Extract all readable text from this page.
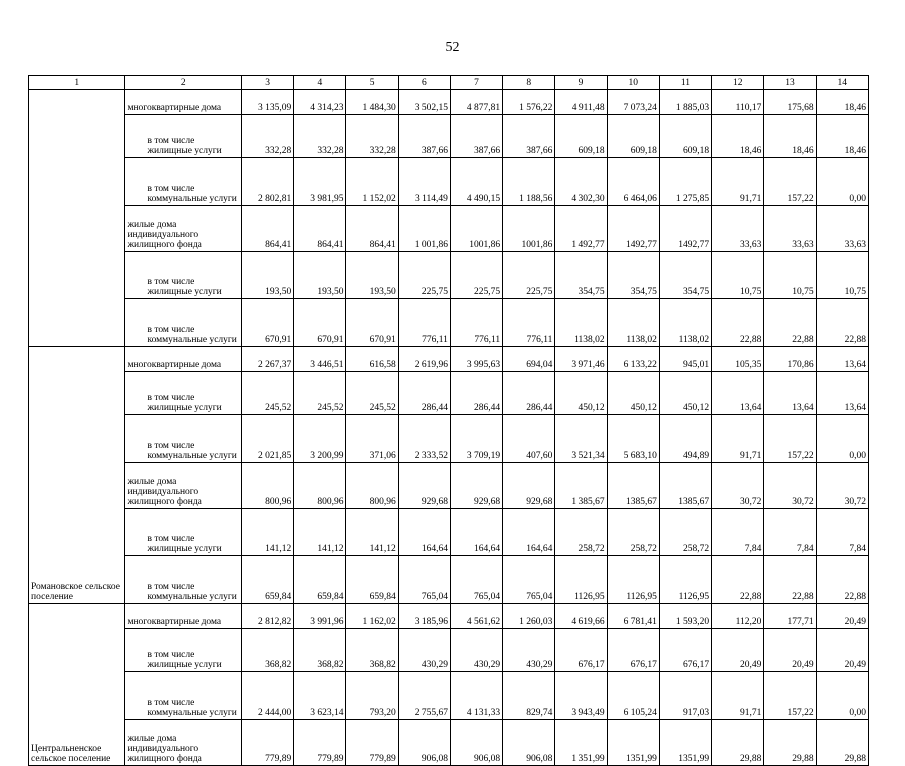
52
1	2	3	4	5	6	7	8	9	10	11	12	13	14
	многоквартирные дома	3 135,09	4 314,23	1 484,30	3 502,15	4 877,81	1 576,22	4 911,48	7 073,24	1 885,03	110,17	175,68	18,46
	в том числе жилищные услуги	332,28	332,28	332,28	387,66	387,66	387,66	609,18	609,18	609,18	18,46	18,46	18,46
	в том числе коммунальные услуги	2 802,81	3 981,95	1 152,02	3 114,49	4 490,15	1 188,56	4 302,30	6 464,06	1 275,85	91,71	157,22	0,00
	жилые дома индивидуального жилищного фонда	864,41	864,41	864,41	1 001,86	1001,86	1001,86	1 492,77	1492,77	1492,77	33,63	33,63	33,63
	в том числе жилищные услуги	193,50	193,50	193,50	225,75	225,75	225,75	354,75	354,75	354,75	10,75	10,75	10,75
	в том числе коммунальные услуги	670,91	670,91	670,91	776,11	776,11	776,11	1138,02	1138,02	1138,02	22,88	22,88	22,88
Романовское сельское поселение	многоквартирные дома	2 267,37	3 446,51	616,58	2 619,96	3 995,63	694,04	3 971,46	6 133,22	945,01	105,35	170,86	13,64
	в том числе жилищные услуги	245,52	245,52	245,52	286,44	286,44	286,44	450,12	450,12	450,12	13,64	13,64	13,64
	в том числе коммунальные услуги	2 021,85	3 200,99	371,06	2 333,52	3 709,19	407,60	3 521,34	5 683,10	494,89	91,71	157,22	0,00
	жилые дома индивидуального жилищного фонда	800,96	800,96	800,96	929,68	929,68	929,68	1 385,67	1385,67	1385,67	30,72	30,72	30,72
	в том числе жилищные услуги	141,12	141,12	141,12	164,64	164,64	164,64	258,72	258,72	258,72	7,84	7,84	7,84
	в том числе коммунальные услуги	659,84	659,84	659,84	765,04	765,04	765,04	1126,95	1126,95	1126,95	22,88	22,88	22,88
Центральненское сельское поселение	многоквартирные дома	2 812,82	3 991,96	1 162,02	3 185,96	4 561,62	1 260,03	4 619,66	6 781,41	1 593,20	112,20	177,71	20,49
	в том числе жилищные услуги	368,82	368,82	368,82	430,29	430,29	430,29	676,17	676,17	676,17	20,49	20,49	20,49
	в том числе коммунальные услуги	2 444,00	3 623,14	793,20	2 755,67	4 131,33	829,74	3 943,49	6 105,24	917,03	91,71	157,22	0,00
	жилые дома индивидуального жилищного фонда	779,89	779,89	779,89	906,08	906,08	906,08	1 351,99	1351,99	1351,99	29,88	29,88	29,88
